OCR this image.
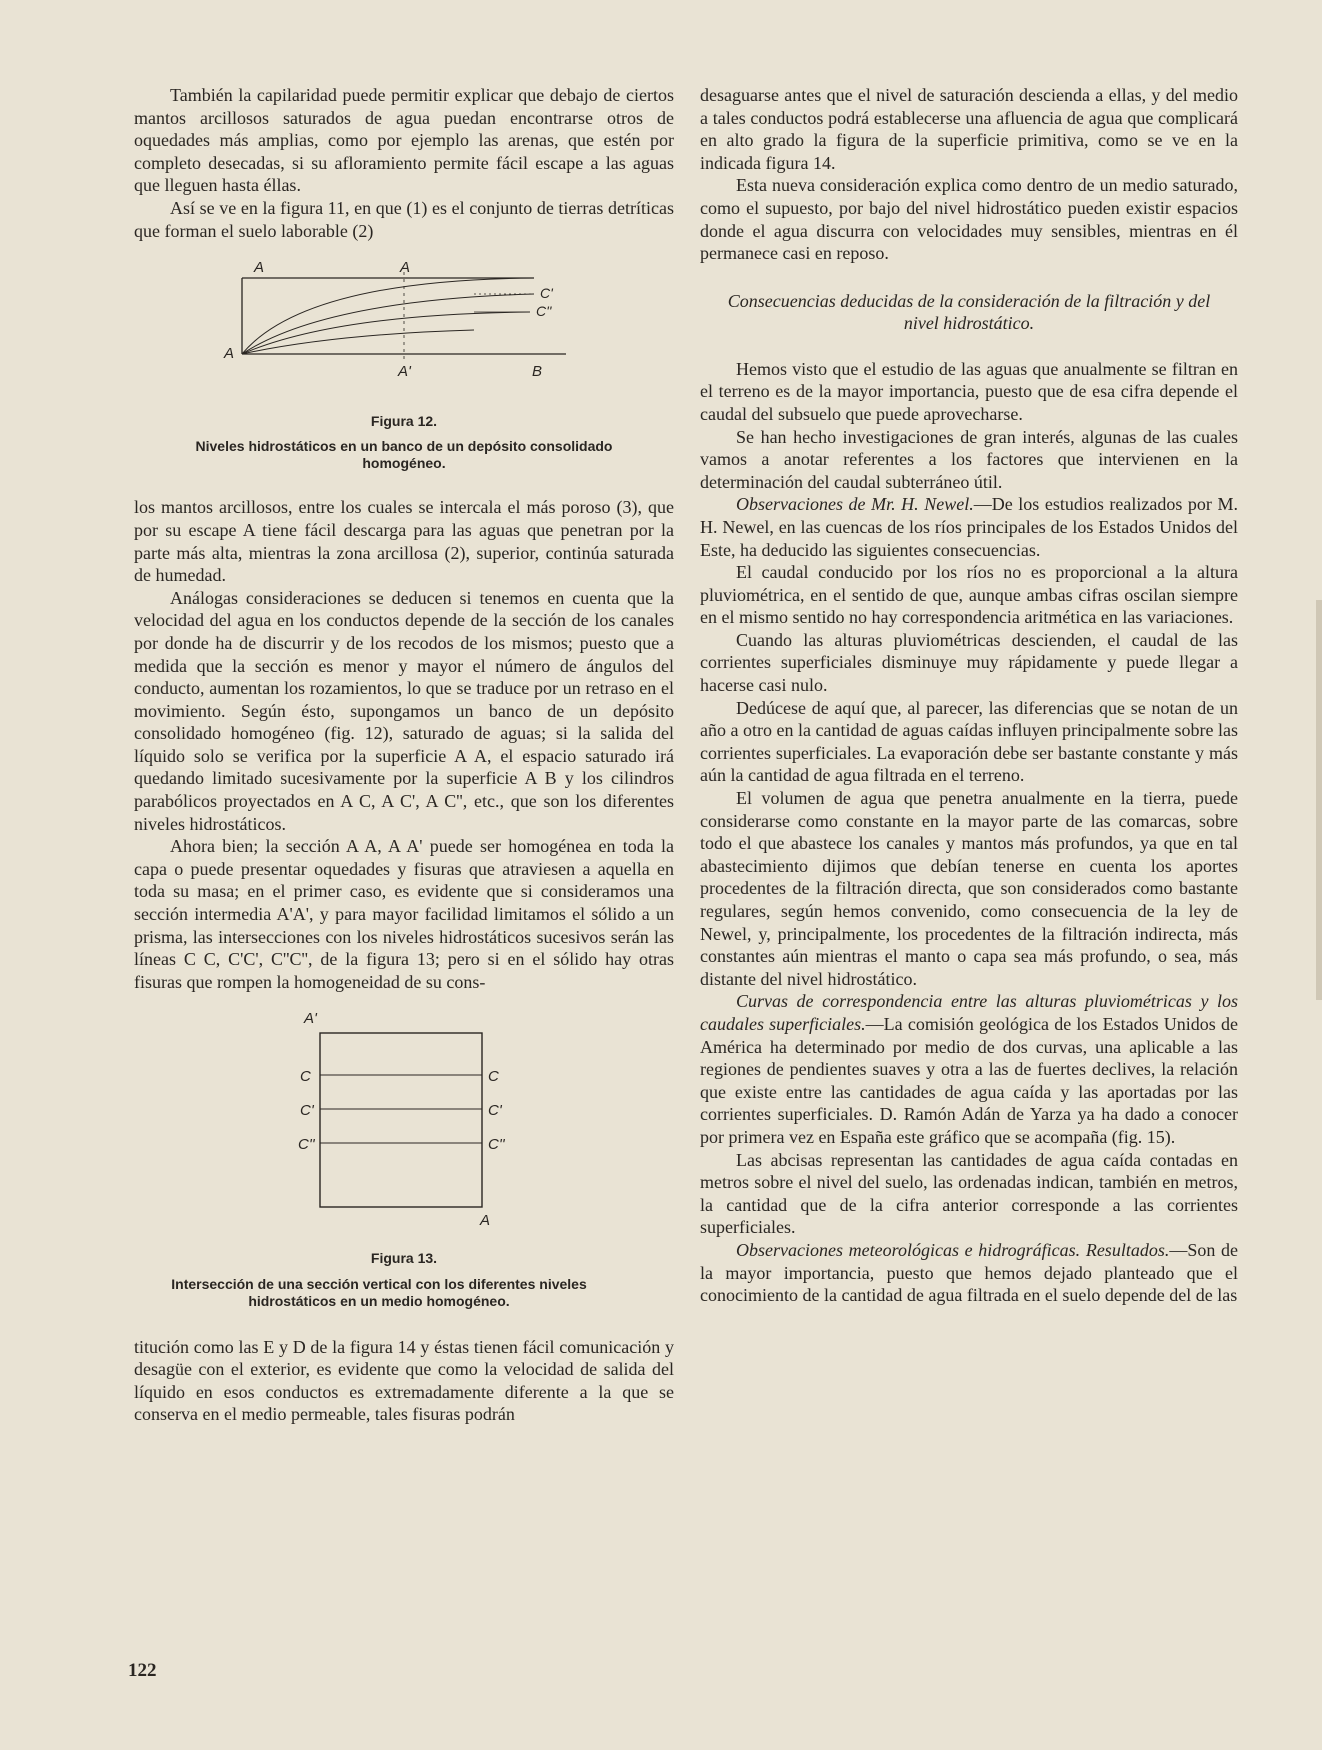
También la capilaridad puede permitir explicar que debajo de ciertos mantos arcillosos saturados de agua puedan encontrarse otros de oquedades más amplias, como por ejemplo las arenas, que estén por completo desecadas, si su afloramiento permite fácil escape a las aguas que lleguen hasta éllas.

Así se ve en la figura 11, en que (1) es el conjunto de tierras detríticas que forman el suelo laborable (2)

A	A
A
A'	B
C'
C''
Figura 12.
Niveles hidrostáticos en un banco de un depósito consolidado homogéneo.

los mantos arcillosos, entre los cuales se intercala el más poroso (3), que por su escape A tiene fácil descarga para las aguas que penetran por la parte más alta, mientras la zona arcillosa (2), superior, continúa saturada de humedad.

Análogas consideraciones se deducen si tenemos en cuenta que la velocidad del agua en los conductos depende de la sección de los canales por donde ha de discurrir y de los recodos de los mismos; puesto que a medida que la sección es menor y mayor el número de ángulos del conducto, aumentan los rozamientos, lo que se traduce por un retraso en el movimiento. Según ésto, supongamos un banco de un depósito consolidado homogéneo (fig. 12), saturado de aguas; si la salida del líquido solo se verifica por la superficie A A, el espacio saturado irá quedando limitado sucesivamente por la superficie A B y los cilindros parabólicos proyectados en A C, A C', A C'', etc., que son los diferentes niveles hidrostáticos.

Ahora bien; la sección A A, A A' puede ser homogénea en toda la capa o puede presentar oquedades y fisuras que atraviesen a aquella en toda su masa; en el primer caso, es evidente que si consideramos una sección intermedia A'A', y para mayor facilidad limitamos el sólido a un prisma, las intersecciones con los niveles hidrostáticos sucesivos serán las líneas C C, C'C', C''C'', de la figura 13; pero si en el sólido hay otras fisuras que rompen la homogeneidad de su cons-

A'
C	C
C'	C'
C''	C''
A
Figura 13.
Intersección de una sección vertical con los diferentes niveles hidrostáticos en un medio homogéneo.

titución como las E y D de la figura 14 y éstas tienen fácil comunicación y desagüe con el exterior, es evidente que como la velocidad de salida del líquido en esos conductos es extremadamente diferente a la que se conserva en el medio permeable, tales fisuras podrán

desaguarse antes que el nivel de saturación descienda a ellas, y del medio a tales conductos podrá establecerse una afluencia de agua que complicará en alto grado la figura de la superficie primitiva, como se ve en la indicada figura 14.

Esta nueva consideración explica como dentro de un medio saturado, como el supuesto, por bajo del nivel hidrostático pueden existir espacios donde el agua discurra con velocidades muy sensibles, mientras en él permanece casi en reposo.

Consecuencias deducidas de la consideración de la filtración y del nivel hidrostático.

Hemos visto que el estudio de las aguas que anualmente se filtran en el terreno es de la mayor importancia, puesto que de esa cifra depende el caudal del subsuelo que puede aprovecharse.

Se han hecho investigaciones de gran interés, algunas de las cuales vamos a anotar referentes a los factores que intervienen en la determinación del caudal subterráneo útil.

Observaciones de Mr. H. Newel.—De los estudios realizados por M. H. Newel, en las cuencas de los ríos principales de los Estados Unidos del Este, ha deducido las siguientes consecuencias.

El caudal conducido por los ríos no es proporcional a la altura pluviométrica, en el sentido de que, aunque ambas cifras oscilan siempre en el mismo sentido no hay correspondencia aritmética en las variaciones.

Cuando las alturas pluviométricas descienden, el caudal de las corrientes superficiales disminuye muy rápidamente y puede llegar a hacerse casi nulo.

Dedúcese de aquí que, al parecer, las diferencias que se notan de un año a otro en la cantidad de aguas caídas influyen principalmente sobre las corrientes superficiales. La evaporación debe ser bastante constante y más aún la cantidad de agua filtrada en el terreno.

El volumen de agua que penetra anualmente en la tierra, puede considerarse como constante en la mayor parte de las comarcas, sobre todo el que abastece los canales y mantos más profundos, ya que en tal abastecimiento dijimos que debían tenerse en cuenta los aportes procedentes de la filtración directa, que son considerados como bastante regulares, según hemos convenido, como consecuencia de la ley de Newel, y, principalmente, los procedentes de la filtración indirecta, más constantes aún mientras el manto o capa sea más profundo, o sea, más distante del nivel hidrostático.

Curvas de correspondencia entre las alturas pluviométricas y los caudales superficiales.—La comisión geológica de los Estados Unidos de América ha determinado por medio de dos curvas, una aplicable a las regiones de pendientes suaves y otra a las de fuertes declives, la relación que existe entre las cantidades de agua caída y las aportadas por las corrientes superficiales. D. Ramón Adán de Yarza ya ha dado a conocer por primera vez en España este gráfico que se acompaña (fig. 15).

Las abcisas representan las cantidades de agua caída contadas en metros sobre el nivel del suelo, las ordenadas indican, también en metros, la cantidad que de la cifra anterior corresponde a las corrientes superficiales.

Observaciones meteorológicas e hidrográficas. Resultados.—Son de la mayor importancia, puesto que hemos dejado planteado que el conocimiento de la cantidad de agua filtrada en el suelo depende del de las

122
